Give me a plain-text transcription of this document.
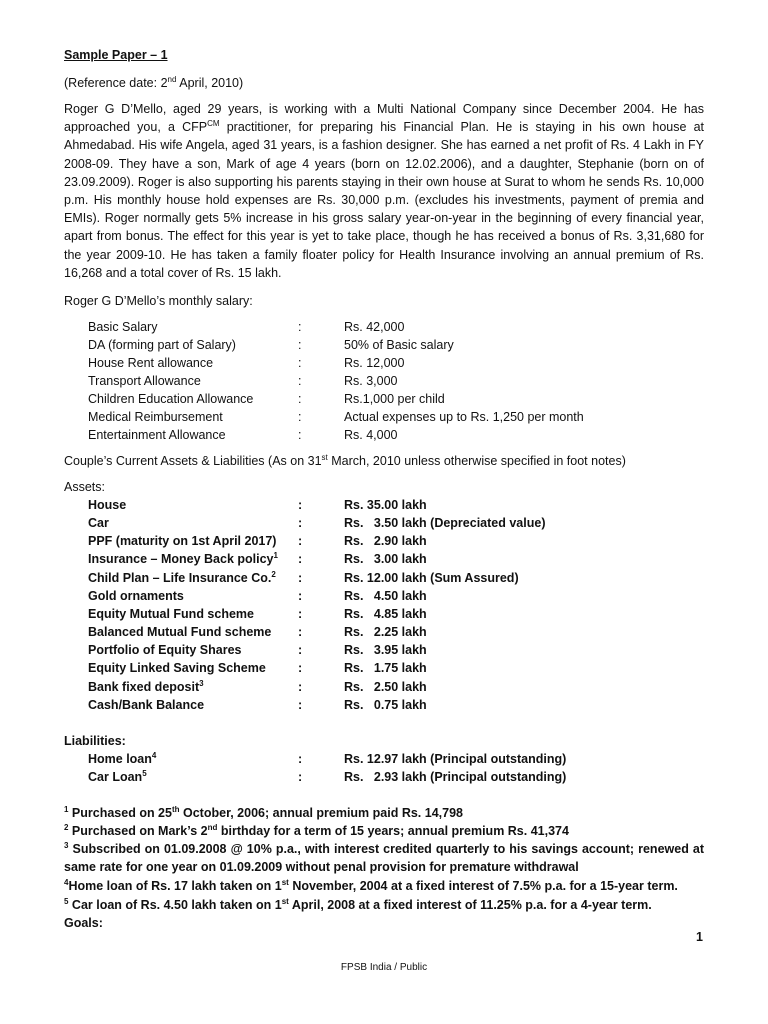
Sample Paper – 1
(Reference date: 2nd April, 2010)

Roger G D’Mello, aged 29 years, is working with a Multi National Company since December 2004. He has approached you, a $CFP^{CM}$ practitioner, for preparing his Financial Plan. He is staying in his own house at Ahmedabad. His wife Angela, aged 31 years, is a fashion designer. She has earned a net profit of Rs. 4 Lakh in FY 2008-09. They have a son, Mark of age 4 years (born on 12.02.2006), and a daughter, Stephanie (born on of 23.09.2009). Roger is also supporting his parents staying in their own house at Surat to whom he sends Rs. 10,000 p.m. His monthly house hold expenses are Rs. 30,000 p.m. (excludes his investments, payment of premia and EMIs). Roger normally gets 5% increase in his gross salary year-on-year in the beginning of every financial year, apart from bonus. The effect for this year is yet to take place, though he has received a bonus of Rs. 3,31,680 for the year 2009-10. He has taken a family floater policy for Health Insurance involving an annual premium of Rs. 16,268 and a total cover of Rs. 15 lakh.

Roger G D’Mello’s monthly salary:
Basic Salary	:	Rs. 42,000
DA (forming part of Salary)	:	50% of Basic salary
House Rent allowance	:	Rs. 12,000
Transport Allowance	:	Rs. 3,000
Children Education Allowance	:	Rs.1,000 per child
Medical Reimbursement	:	Actual expenses up to Rs. 1,250 per month
Entertainment Allowance	:	Rs. 4,000
Couple’s Current Assets & Liabilities (As on 31st March, 2010 unless otherwise specified in foot notes)
Assets:
House	:	Rs. 35.00 lakh
Car	:	Rs.   3.50 lakh (Depreciated value)
PPF (maturity on 1st April 2017) :	Rs.   2.90 lakh
Insurance – Money Back policy$^1$ :	Rs.   3.00 lakh
Child Plan – Life Insurance Co.$^2$ :	Rs. 12.00 lakh (Sum Assured)
Gold ornaments	:	Rs.   4.50 lakh
Equity Mutual Fund scheme	:	Rs.   4.85 lakh
Balanced Mutual Fund scheme :	Rs.   2.25 lakh
Portfolio of Equity Shares	:	Rs.   3.95 lakh
Equity Linked Saving Scheme	:	Rs.   1.75 lakh
Bank fixed deposit$^3$	:	Rs.   2.50 lakh
Cash/Bank Balance	:	Rs.   0.75 lakh
Liabilities:
Home loan$^4$	:	Rs. 12.97 lakh (Principal outstanding)
Car Loan$^5$	:	Rs.   2.93 lakh (Principal outstanding)
$^1$ Purchased on 25th October, 2006; annual premium paid Rs. 14,798
$^2$ Purchased on Mark’s 2nd birthday for a term of 15 years; annual premium Rs. 41,374
$^3$ Subscribed on 01.09.2008 @ 10% p.a., with interest credited quarterly to his savings account; renewed at same rate for one year on 01.09.2009 without penal provision for premature withdrawal
$^4$Home loan of Rs. 17 lakh taken on 1st November, 2004 at a fixed interest of 7.5% p.a. for a 15-year term.
$^5$ Car loan of Rs. 4.50 lakh taken on 1st April, 2008 at a fixed interest of 11.25% p.a. for a 4-year term.
Goals:
1
FPSB India / Public
